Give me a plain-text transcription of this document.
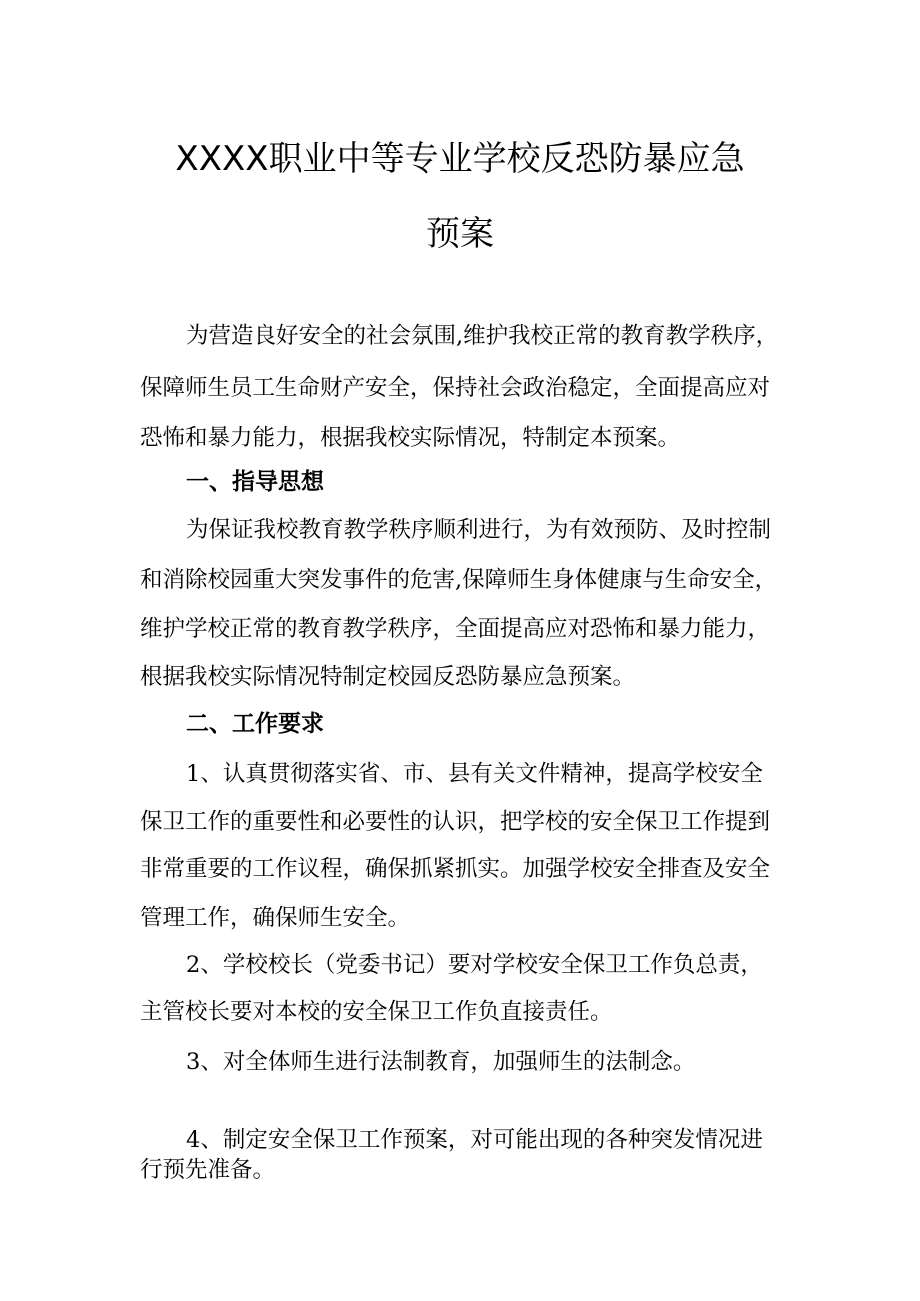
XXXX职业中等专业学校反恐防暴应急
预案
为营造良好安全的社会氛围,维护我校正常的教育教学秩序，
保障师生员工生命财产安全，保持社会政治稳定，全面提高应对
恐怖和暴力能力，根据我校实际情况，特制定本预案。
一、指导思想
为保证我校教育教学秩序顺利进行，为有效预防、及时控制
和消除校园重大突发事件的危害,保障师生身体健康与生命安全，
维护学校正常的教育教学秩序，全面提高应对恐怖和暴力能力，
根据我校实际情况特制定校园反恐防暴应急预案。
二、工作要求
1、认真贯彻落实省、市、县有关文件精神，提高学校安全
保卫工作的重要性和必要性的认识，把学校的安全保卫工作提到
非常重要的工作议程，确保抓紧抓实。加强学校安全排查及安全
管理工作，确保师生安全。
2、学校校长（党委书记）要对学校安全保卫工作负总责，
主管校长要对本校的安全保卫工作负直接责任。
3、对全体师生进行法制教育，加强师生的法制念。
4、制定安全保卫工作预案，对可能出现的各种突发情况进
行预先准备。
